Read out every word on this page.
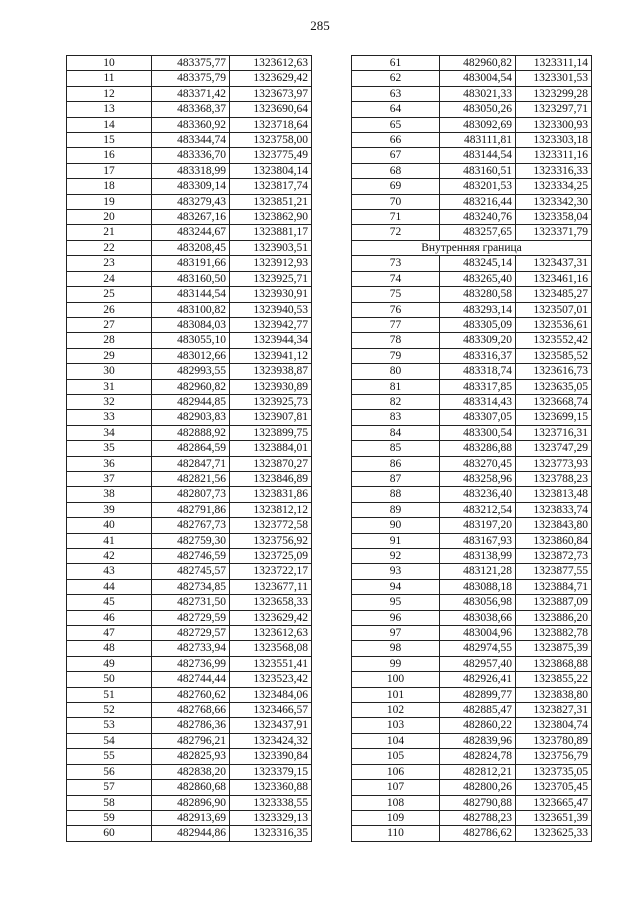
285
10	483375,77	1323612,63
11	483375,79	1323629,42
12	483371,42	1323673,97
13	483368,37	1323690,64
14	483360,92	1323718,64
15	483344,74	1323758,00
16	483336,70	1323775,49
17	483318,99	1323804,14
18	483309,14	1323817,74
19	483279,43	1323851,21
20	483267,16	1323862,90
21	483244,67	1323881,17
22	483208,45	1323903,51
23	483191,66	1323912,93
24	483160,50	1323925,71
25	483144,54	1323930,91
26	483100,82	1323940,53
27	483084,03	1323942,77
28	483055,10	1323944,34
29	483012,66	1323941,12
30	482993,55	1323938,87
31	482960,82	1323930,89
32	482944,85	1323925,73
33	482903,83	1323907,81
34	482888,92	1323899,75
35	482864,59	1323884,01
36	482847,71	1323870,27
37	482821,56	1323846,89
38	482807,73	1323831,86
39	482791,86	1323812,12
40	482767,73	1323772,58
41	482759,30	1323756,92
42	482746,59	1323725,09
43	482745,57	1323722,17
44	482734,85	1323677,11
45	482731,50	1323658,33
46	482729,59	1323629,42
47	482729,57	1323612,63
48	482733,94	1323568,08
49	482736,99	1323551,41
50	482744,44	1323523,42
51	482760,62	1323484,06
52	482768,66	1323466,57
53	482786,36	1323437,91
54	482796,21	1323424,32
55	482825,93	1323390,84
56	482838,20	1323379,15
57	482860,68	1323360,88
58	482896,90	1323338,55
59	482913,69	1323329,13
60	482944,86	1323316,35
61	482960,82	1323311,14
62	483004,54	1323301,53
63	483021,33	1323299,28
64	483050,26	1323297,71
65	483092,69	1323300,93
66	483111,81	1323303,18
67	483144,54	1323311,16
68	483160,51	1323316,33
69	483201,53	1323334,25
70	483216,44	1323342,30
71	483240,76	1323358,04
72	483257,65	1323371,79
Внутренняя граница		
73	483245,14	1323437,31
74	483265,40	1323461,16
75	483280,58	1323485,27
76	483293,14	1323507,01
77	483305,09	1323536,61
78	483309,20	1323552,42
79	483316,37	1323585,52
80	483318,74	1323616,73
81	483317,85	1323635,05
82	483314,43	1323668,74
83	483307,05	1323699,15
84	483300,54	1323716,31
85	483286,88	1323747,29
86	483270,45	1323773,93
87	483258,96	1323788,23
88	483236,40	1323813,48
89	483212,54	1323833,74
90	483197,20	1323843,80
91	483167,93	1323860,84
92	483138,99	1323872,73
93	483121,28	1323877,55
94	483088,18	1323884,71
95	483056,98	1323887,09
96	483038,66	1323886,20
97	483004,96	1323882,78
98	482974,55	1323875,39
99	482957,40	1323868,88
100	482926,41	1323855,22
101	482899,77	1323838,80
102	482885,47	1323827,31
103	482860,22	1323804,74
104	482839,96	1323780,89
105	482824,78	1323756,79
106	482812,21	1323735,05
107	482800,26	1323705,45
108	482790,88	1323665,47
109	482788,23	1323651,39
110	482786,62	1323625,33
